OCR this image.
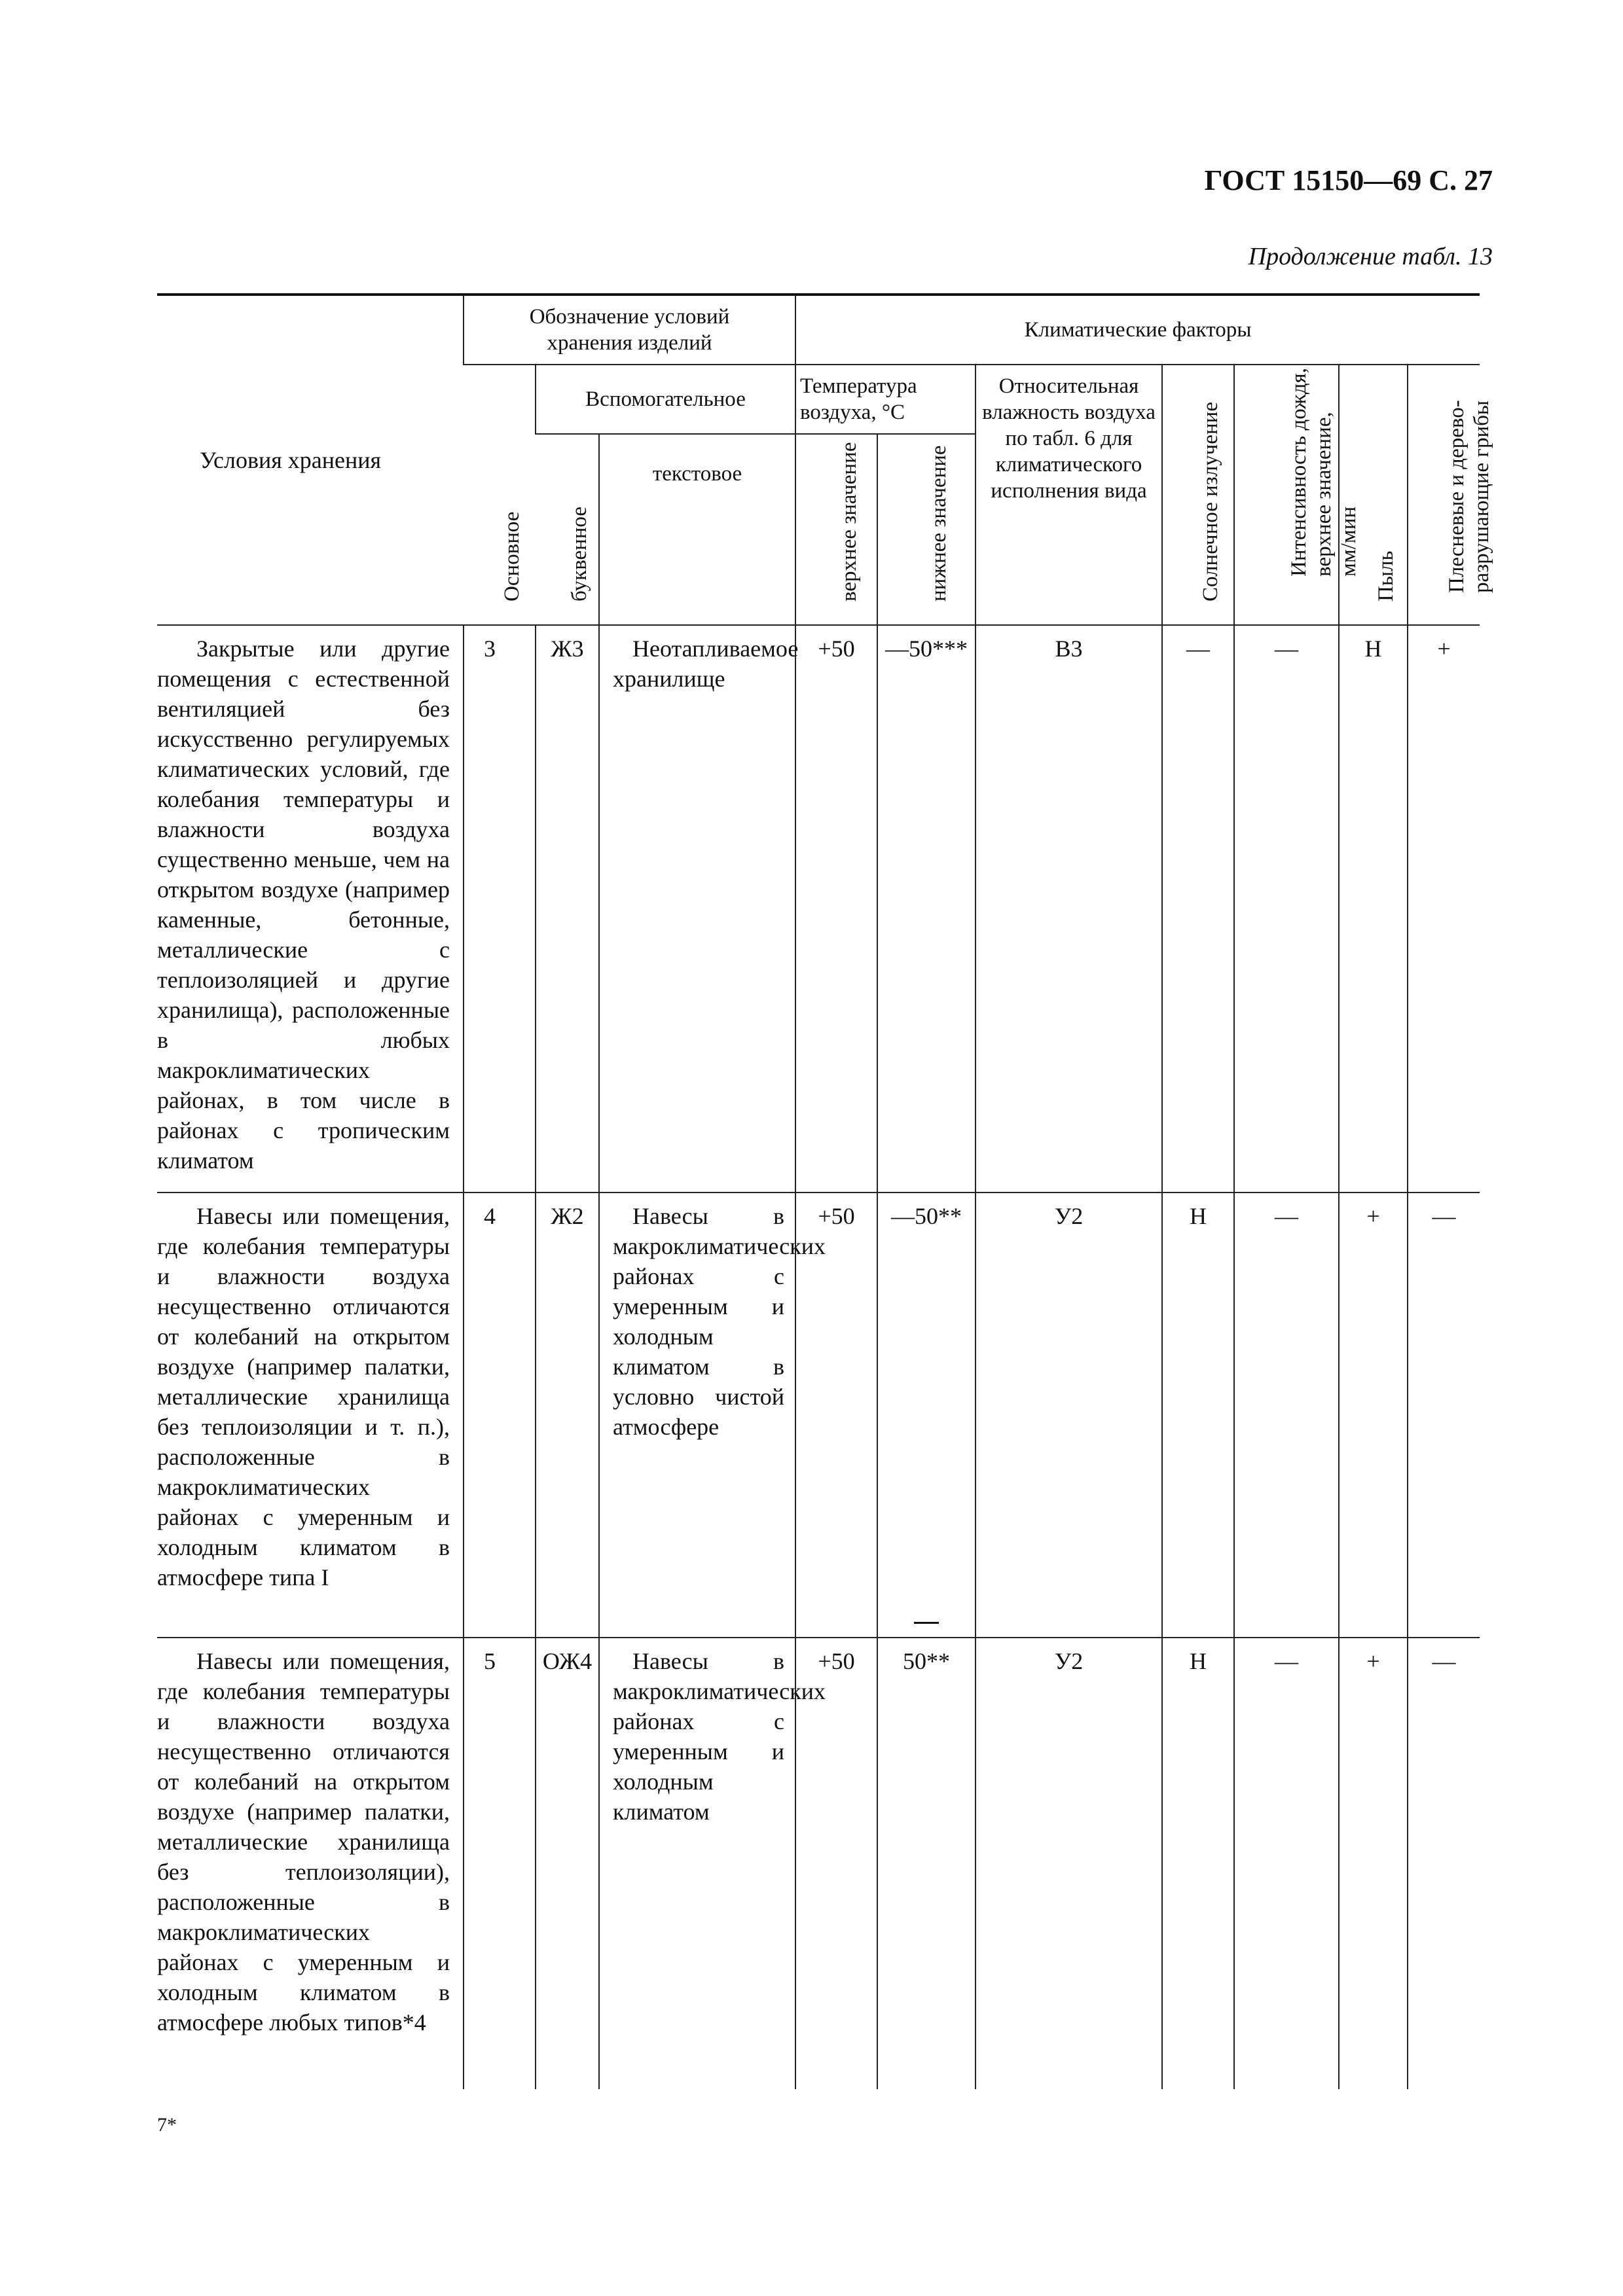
ГОСТ 15150—69 С. 27
Продолжение табл. 13
Условия хранения	Обозначение условий хранения изделий			Климатические факторы						

	Основное	Вспомогательное		Температура воздуха, °С		Относительная влажность воздуха по табл. 6 для климатического исполнения вида	Солнечное излучение	Интенсивность дождя, верхнее значение, мм/мин	Пыль	Плесневые и дерево- разрушающие грибы

		буквенное	текстовое	верхнее значение	нижнее значение					

Закрытые или другие помещения с естественной вентиляцией без искусственно регулируемых климатических условий, где колебания температуры и влажности воздуха существенно меньше, чем на открытом воздухе (например каменные, бетонные, металлические с теплоизоляцией и другие хранилища), расположенные в любых макроклиматических районах, в том числе в районах с тропическим климатом	3	Ж3	Неотапливаемое хранилище	+50	—50***	В3	—	—	Н	+
Навесы или помещения, где колебания температуры и влажности воздуха несущественно отличаются от колебаний на открытом воздухе (например палатки, металлические хранилища без теплоизоляции и т. п.), расположенные в макроклиматических районах с умеренным и холодным климатом в атмосфере типа I	4	Ж2	Навесы в макроклиматических районах с умеренным и холодным климатом в условно чистой атмосфере	+50	—50**	У2	Н	—	+	—
Навесы или помещения, где колебания температуры и влажности воздуха несущественно отличаются от колебаний на открытом воздухе (например палатки, металлические хранилища без теплоизоляции), расположенные в макроклиматических районах с умеренным и холодным климатом в атмосфере любых типов*4	5	ОЖ4	Навесы в макроклиматических районах с умеренным и холодным климатом	+50	50**	У2	Н	—	+	—
7*
